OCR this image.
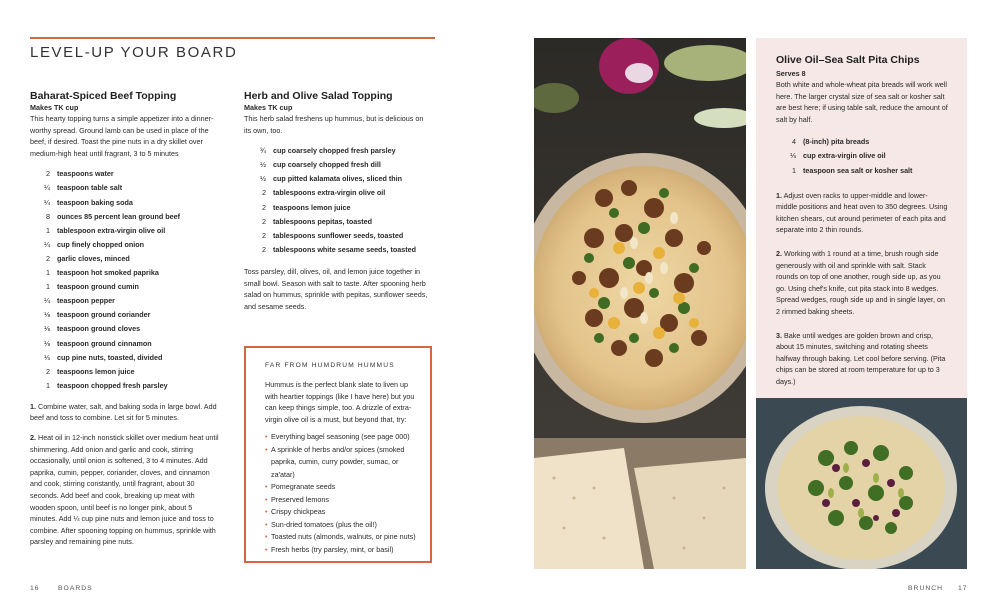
LEVEL-UP YOUR BOARD
Baharat-Spiced Beef Topping
Makes TK cup
This hearty topping turns a simple appetizer into a dinner-worthy spread. Ground lamb can be used in place of the beef, if desired. Toast the pine nuts in a dry skillet over medium-high heat until fragrant, 3 to 5 minutes
2 teaspoons water
¼ teaspoon table salt
¼ teaspoon baking soda
8 ounces 85 percent lean ground beef
1 tablespoon extra-virgin olive oil
¼ cup finely chopped onion
2 garlic cloves, minced
1 teaspoon hot smoked paprika
1 teaspoon ground cumin
¼ teaspoon pepper
⅛ teaspoon ground coriander
⅛ teaspoon ground cloves
⅛ teaspoon ground cinnamon
⅓ cup pine nuts, toasted, divided
2 teaspoons lemon juice
1 teaspoon chopped fresh parsley
1. Combine water, salt, and baking soda in large bowl. Add beef and toss to combine. Let sit for 5 minutes.
2. Heat oil in 12-inch nonstick skillet over medium heat until shimmering. Add onion and garlic and cook, stirring occasionally, until onion is softened, 3 to 4 minutes. Add paprika, cumin, pepper, coriander, cloves, and cinnamon and cook, stirring constantly, until fragrant, about 30 seconds. Add beef and cook, breaking up meat with wooden spoon, until beef is no longer pink, about 5 minutes. Add ¼ cup pine nuts and lemon juice and toss to combine. After spooning topping on hummus, sprinkle with parsley and remaining pine nuts.
Herb and Olive Salad Topping
Makes TK cup
This herb salad freshens up hummus, but is delicious on its own, too.
¾ cup coarsely chopped fresh parsley
½ cup coarsely chopped fresh dill
½ cup pitted kalamata olives, sliced thin
2 tablespoons extra-virgin olive oil
2 teaspoons lemon juice
2 tablespoons pepitas, toasted
2 tablespoons sunflower seeds, toasted
2 tablespoons white sesame seeds, toasted
Toss parsley, dill, olives, oil, and lemon juice together in small bowl. Season with salt to taste. After spooning herb salad on hummus, sprinkle with pepitas, sunflower seeds, and sesame seeds.
FAR FROM HUMDRUM HUMMUS
Hummus is the perfect blank slate to liven up with heartier toppings (like I have here) but you can keep things simple, too. A drizzle of extra-virgin olive oil is a must, but beyond that, try:
• Everything bagel seasoning (see page 000)
• A sprinkle of herbs and/or spices (smoked paprika, cumin, curry powder, sumac, or za'atar)
• Pomegranate seeds
• Preserved lemons
• Crispy chickpeas
• Sun-dried tomatoes (plus the oil!)
• Toasted nuts (almonds, walnuts, or pine nuts)
• Fresh herbs (try parsley, mint, or basil)
16	BOARDS	BRUNCH 17
Olive Oil–Sea Salt Pita Chips
Serves 8
Both white and whole-wheat pita breads will work well here. The larger crystal size of sea salt or kosher salt are best here; if using table salt, reduce the amount of salt by half.
4 (8-inch) pita breads
⅓ cup extra-virgin olive oil
1 teaspoon sea salt or kosher salt
1. Adjust oven racks to upper-middle and lower-middle positions and heat oven to 350 degrees. Using kitchen shears, cut around perimeter of each pita and separate into 2 thin rounds.
2. Working with 1 round at a time, brush rough side generously with oil and sprinkle with salt. Stack rounds on top of one another, rough side up, as you go. Using chef's knife, cut pita stack into 8 wedges. Spread wedges, rough side up and in single layer, on 2 rimmed baking sheets.
3. Bake until wedges are golden brown and crisp, about 15 minutes, switching and rotating sheets halfway through baking. Let cool before serving. (Pita chips can be stored at room temperature for up to 3 days.)
